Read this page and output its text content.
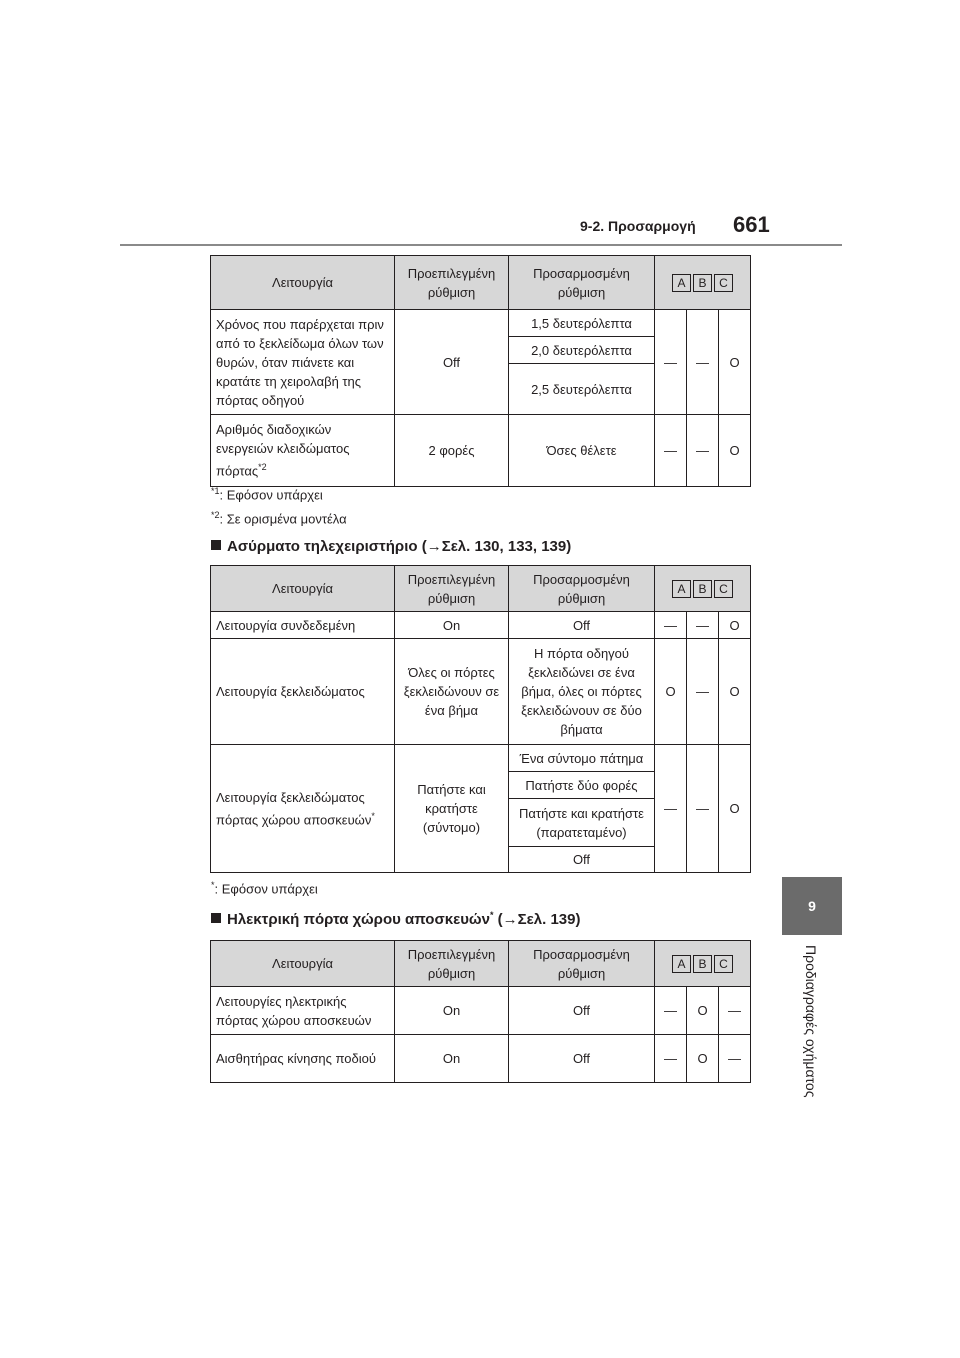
9-2. Προσαρμογή 661
9
Προδιαγραφές οχήματος
Λειτουργία	Προεπιλεγμένη ρύθμιση	Προσαρμοσμένη ρύθμιση	A B C		
Χρόνος που παρέρχεται πριν από το ξεκλείδωμα όλων των θυρών, όταν πιάνετε και κρατάτε τη χειρολαβή της πόρτας οδηγού	Off	1,5 δευτερόλεπτα	—	—	O
		2,0 δευτερόλεπτα			
		2,5 δευτερόλεπτα			
Αριθμός διαδοχικών ενεργειών κλειδώματος πόρτας$^{*2}$	2 φορές	Όσες θέλετε	—	—	O
$^{*1}$: Εφόσον υπάρχει
$^{*2}$: Σε ορισμένα μοντέλα
Ασύρματο τηλεχειριστήριο (→Σελ. 130, 133, 139)
Λειτουργία	Προεπιλεγμένη ρύθμιση	Προσαρμοσμένη ρύθμιση	A B C		
Λειτουργία συνδεδεμένη	On	Off	—	—	O
Λειτουργία ξεκλειδώματος	Όλες οι πόρτες ξεκλειδώνουν σε ένα βήμα	Η πόρτα οδηγού ξεκλειδώνει σε ένα βήμα, όλες οι πόρτες ξεκλειδώνουν σε δύο βήματα	O	—	O
Λειτουργία ξεκλειδώματος πόρτας χώρου αποσκευών*	Πατήστε και κρατήστε (σύντομο)	Ένα σύντομο πάτημα	—	—	O
		Πατήστε δύο φορές			
		Πατήστε και κρατήστε (παρατεταμένο)			
		Off			
*: Εφόσον υπάρχει
Ηλεκτρική πόρτα χώρου αποσκευών* (→Σελ. 139)
Λειτουργία	Προεπιλεγμένη ρύθμιση	Προσαρμοσμένη ρύθμιση	A B C		
Λειτουργίες ηλεκτρικής πόρτας χώρου αποσκευών	On	Off	—	O	—
Αισθητήρας κίνησης ποδιού	On	Off	—	O	—
